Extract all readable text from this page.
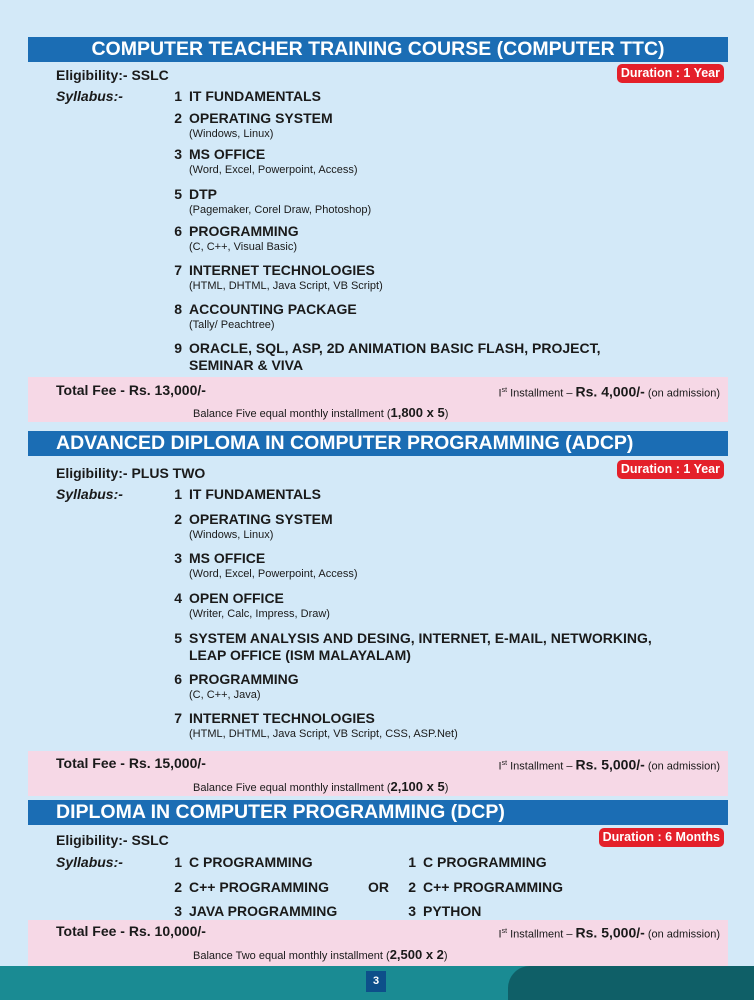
COMPUTER TEACHER TRAINING COURSE (COMPUTER TTC)
Eligibility:- SSLC	Duration : 1 Year
Syllabus:-	1 IT FUNDAMENTALS
2 OPERATING SYSTEM
(Windows, Linux)
3 MS OFFICE
(Word, Excel, Powerpoint, Access)
5 DTP
(Pagemaker, Corel Draw, Photoshop)
6 PROGRAMMING
(C, C++, Visual Basic)
7 INTERNET TECHNOLOGIES
(HTML, DHTML, Java Script, VB Script)
8 ACCOUNTING PACKAGE
(Tally/ Peachtree)
9 ORACLE, SQL, ASP, 2D ANIMATION BASIC FLASH, PROJECT,
SEMINAR & VIVA
Total Fee - Rs. 13,000/-	Ist Installment – Rs. 4,000/- (on admission)
Balance Five equal monthly installment (1,800 x 5)
ADVANCED DIPLOMA IN COMPUTER PROGRAMMING (ADCP)
Eligibility:- PLUS TWO	Duration : 1 Year
Syllabus:-	1 IT FUNDAMENTALS
2 OPERATING SYSTEM
(Windows, Linux)
3 MS OFFICE
(Word, Excel, Powerpoint, Access)
4 OPEN OFFICE
(Writer, Calc, Impress, Draw)
5 SYSTEM ANALYSIS AND DESING, INTERNET, E-MAIL, NETWORKING,
LEAP OFFICE (ISM MALAYALAM)
6 PROGRAMMING
(C, C++, Java)
7 INTERNET TECHNOLOGIES
(HTML, DHTML, Java Script, VB Script, CSS, ASP.Net)
Total Fee - Rs. 15,000/-	Ist Installment – Rs. 5,000/- (on admission)
Balance Five equal monthly installment (2,100 x 5)
DIPLOMA IN COMPUTER PROGRAMMING (DCP)
Eligibility:- SSLC	Duration : 6 Months
Syllabus:-	1 C PROGRAMMING
2 C++ PROGRAMMING
3 JAVA PROGRAMMING
OR
1 C PROGRAMMING
2 C++ PROGRAMMING
3 PYTHON
Total Fee - Rs. 10,000/-	Ist Installment – Rs. 5,000/- (on admission)
Balance Two equal monthly installment (2,500 x 2)
3
